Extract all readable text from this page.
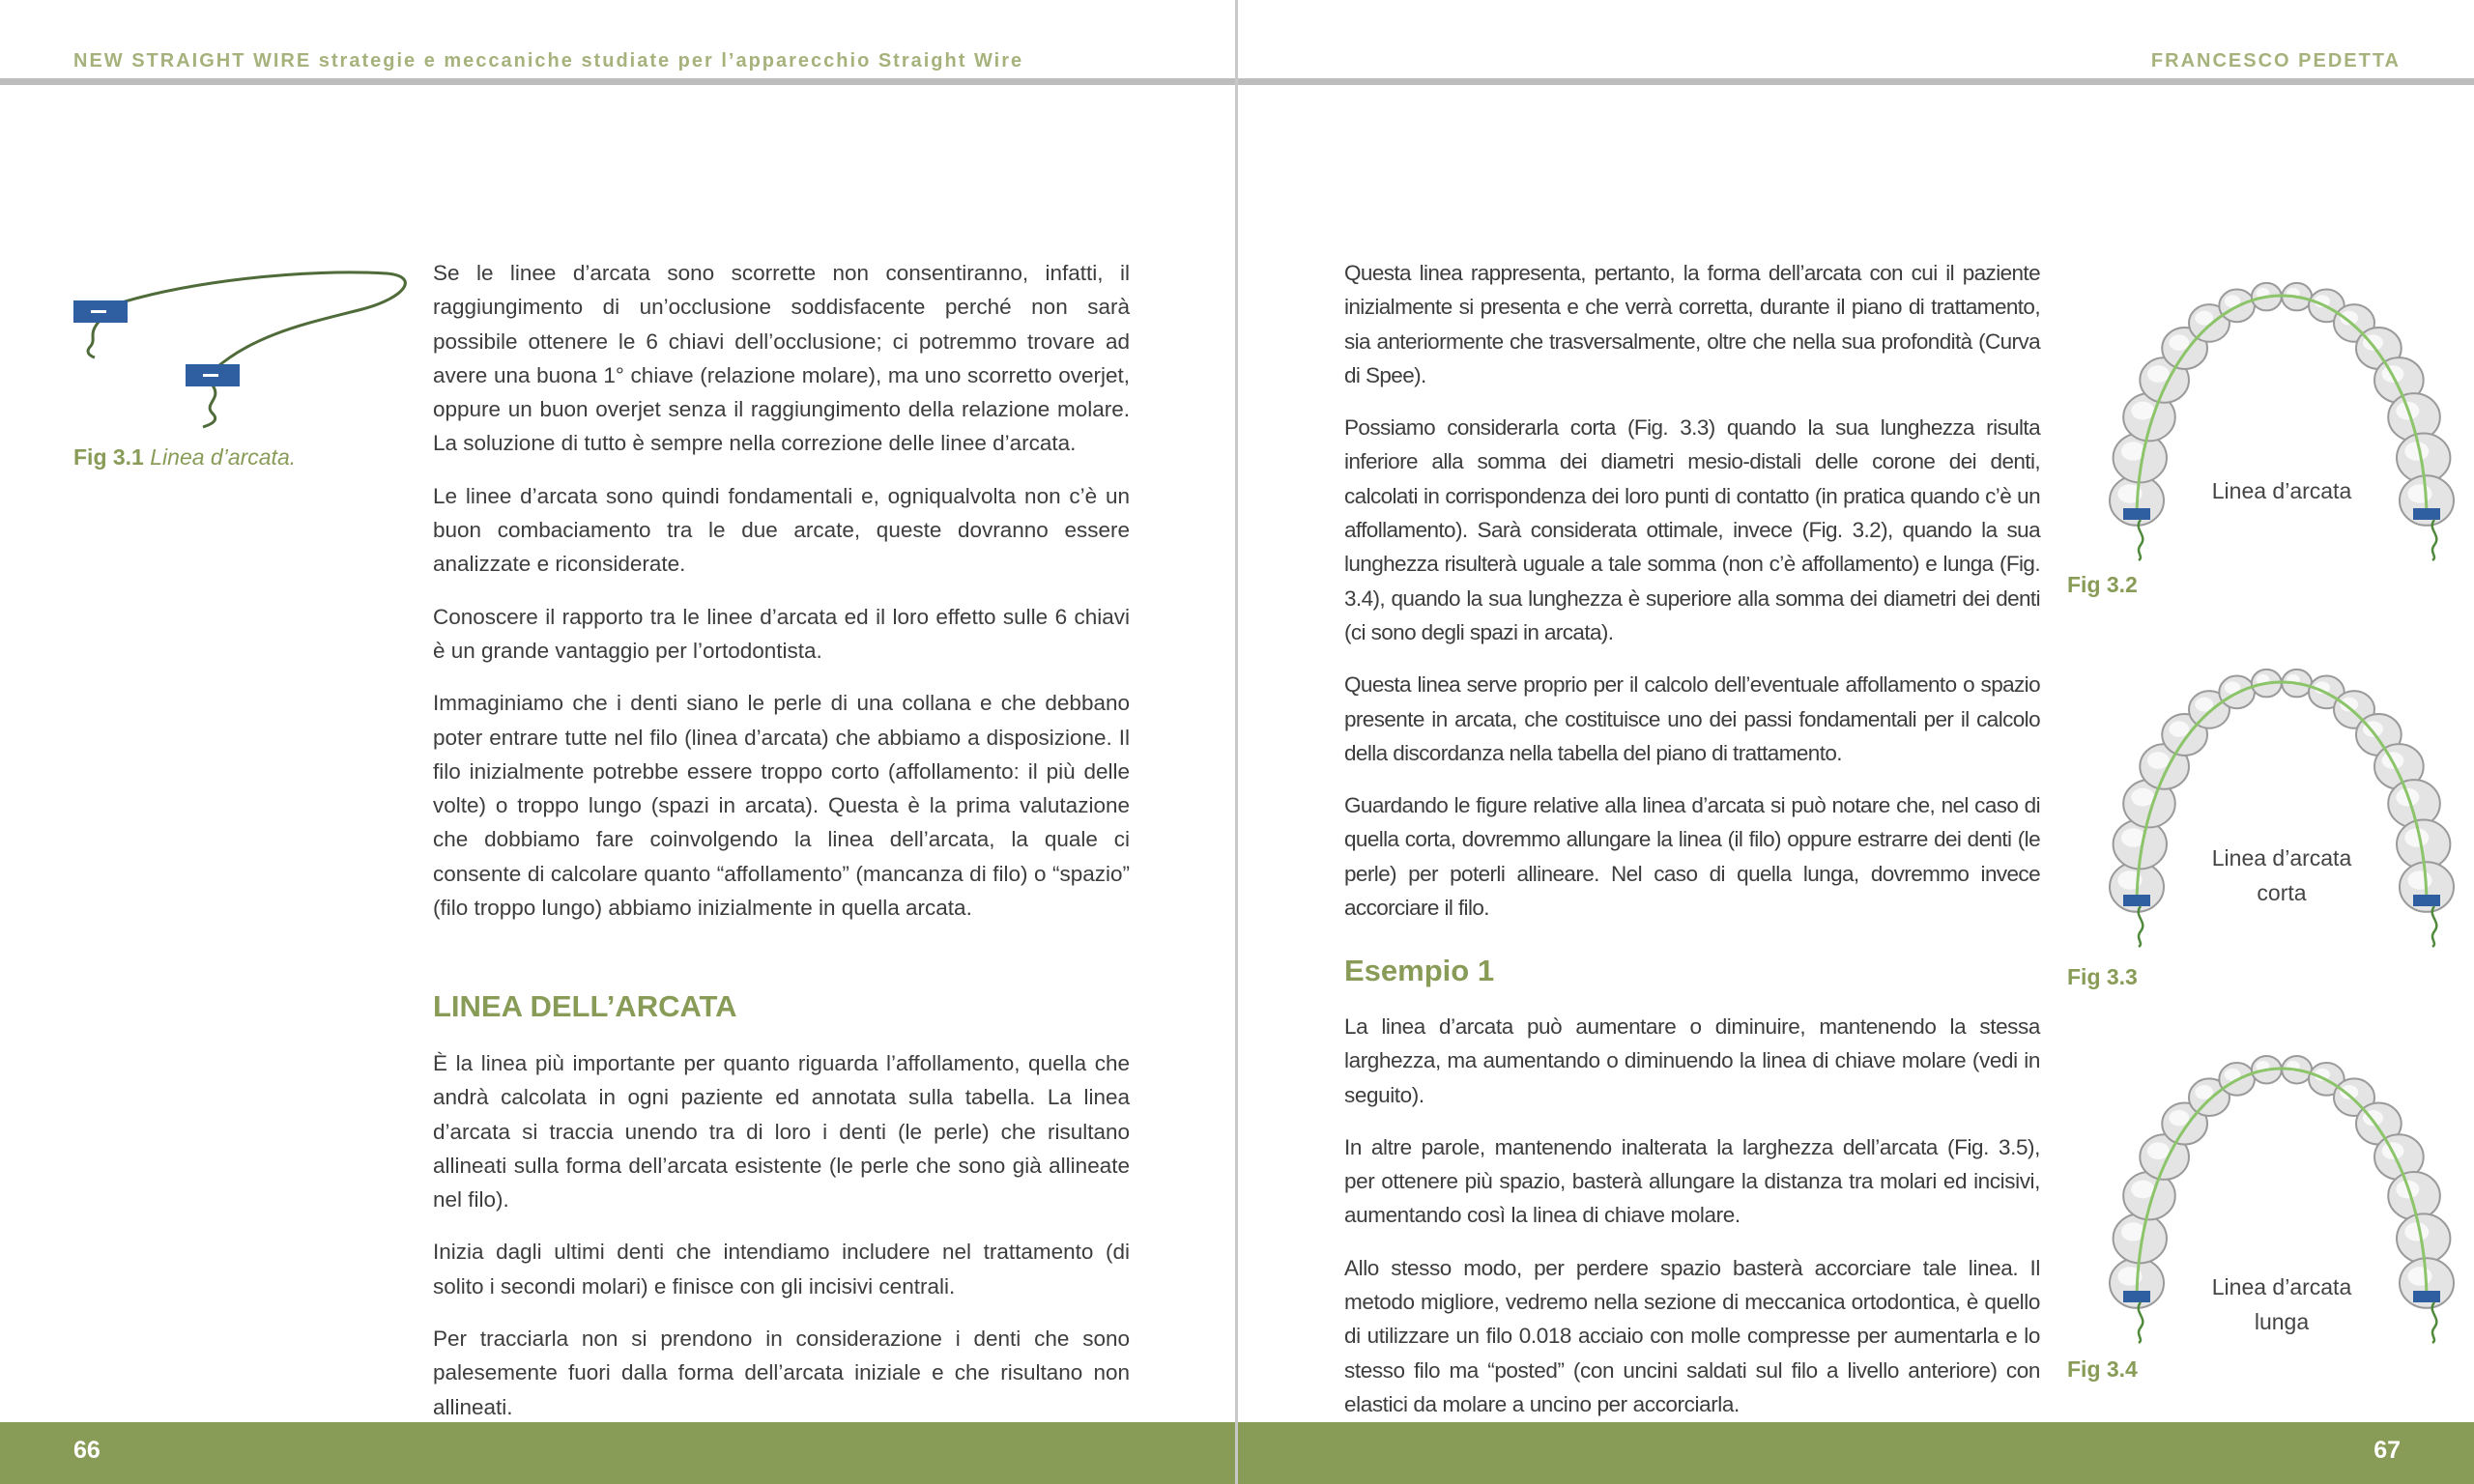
NEW STRAIGHT WIRE strategie e meccaniche studiate per l’apparecchio Straight Wire
Fig 3.1 Linea d’arcata.

Se le linee d’arcata sono scorrette non consentiranno, infatti, il raggiungimento di un’occlusione soddisfacente perché non sarà possibile ottenere le 6 chiavi dell’occlusione; ci potremmo trovare ad avere una buona 1° chiave (relazione molare), ma uno scorretto overjet, oppure un buon overjet senza il raggiungimento della relazione molare. La soluzione di tutto è sempre nella correzione delle linee d’arcata.

Le linee d’arcata sono quindi fondamentali e, ogniqualvolta non c’è un buon combaciamento tra le due arcate, queste dovranno essere analizzate e riconsiderate.

Conoscere il rapporto tra le linee d’arcata ed il loro effetto sulle 6 chiavi è un grande vantaggio per l’ortodontista.

Immaginiamo che i denti siano le perle di una collana e che debbano poter entrare tutte nel filo (linea d’arcata) che abbiamo a disposizione. Il filo inizialmente potrebbe essere troppo corto (affollamento: il più delle volte) o troppo lungo (spazi in arcata). Questa è la prima valutazione che dobbiamo fare coinvolgendo la linea dell’arcata, la quale ci consente di calcolare quanto “affollamento” (mancanza di filo) o “spazio” (filo troppo lungo) abbiamo inizialmente in quella arcata.

LINEA DELL’ARCATA

È la linea più importante per quanto riguarda l’affollamento, quella che andrà calcolata in ogni paziente ed annotata sulla tabella. La linea d’arcata si traccia unendo tra di loro i denti (le perle) che risultano allineati sulla forma dell’arcata esistente (le perle che sono già allineate nel filo).

Inizia dagli ultimi denti che intendiamo includere nel trattamento (di solito i secondi molari) e finisce con gli incisivi centrali.

Per tracciarla non si prendono in considerazione i denti che sono palesemente fuori dalla forma dell’arcata iniziale e che risultano non allineati.

66
FRANCESCO PEDETTA

Questa linea rappresenta, pertanto, la forma dell’arcata con cui il paziente inizialmente si presenta e che verrà corretta, durante il piano di trattamento, sia anteriormente che trasversalmente, oltre che nella sua profondità (Curva di Spee).

Possiamo considerarla corta (Fig. 3.3) quando la sua lunghezza risulta inferiore alla somma dei diametri mesio-distali delle corone dei denti, calcolati in corrispondenza dei loro punti di contatto (in pratica quando c’è un affollamento). Sarà considerata ottimale, invece (Fig. 3.2), quando la sua lunghezza risulterà uguale a tale somma (non c’è affollamento) e lunga (Fig. 3.4), quando la sua lunghezza è superiore alla somma dei diametri dei denti (ci sono degli spazi in arcata).

Questa linea serve proprio per il calcolo dell’eventuale affollamento o spazio presente in arcata, che costituisce uno dei passi fondamentali per il calcolo della discordanza nella tabella del piano di trattamento.

Guardando le figure relative alla linea d’arcata si può notare che, nel caso di quella corta, dovremmo allungare la linea (il filo) oppure estrarre dei denti (le perle) per poterli allineare. Nel caso di quella lunga, dovremmo invece accorciare il filo.

Esempio 1

La linea d’arcata può aumentare o diminuire, mantenendo la stessa larghezza, ma aumentando o diminuendo la linea di chiave molare (vedi in seguito).

In altre parole, mantenendo inalterata la larghezza dell’arcata (Fig. 3.5), per ottenere più spazio, basterà allungare la distanza tra molari ed incisivi, aumentando così la linea di chiave molare.

Allo stesso modo, per perdere spazio basterà accorciare tale linea. Il metodo migliore, vedremo nella sezione di meccanica ortodontica, è quello di utilizzare un filo 0.018 acciaio con molle compresse per aumentarla e lo stesso filo ma “posted” (con uncini saldati sul filo a livello anteriore) con elastici da molare a uncino per accorciarla.

Linea d’arcata
Fig 3.2
Linea d’arcata
corta
Fig 3.3
Linea d’arcata
lunga
Fig 3.4
67
